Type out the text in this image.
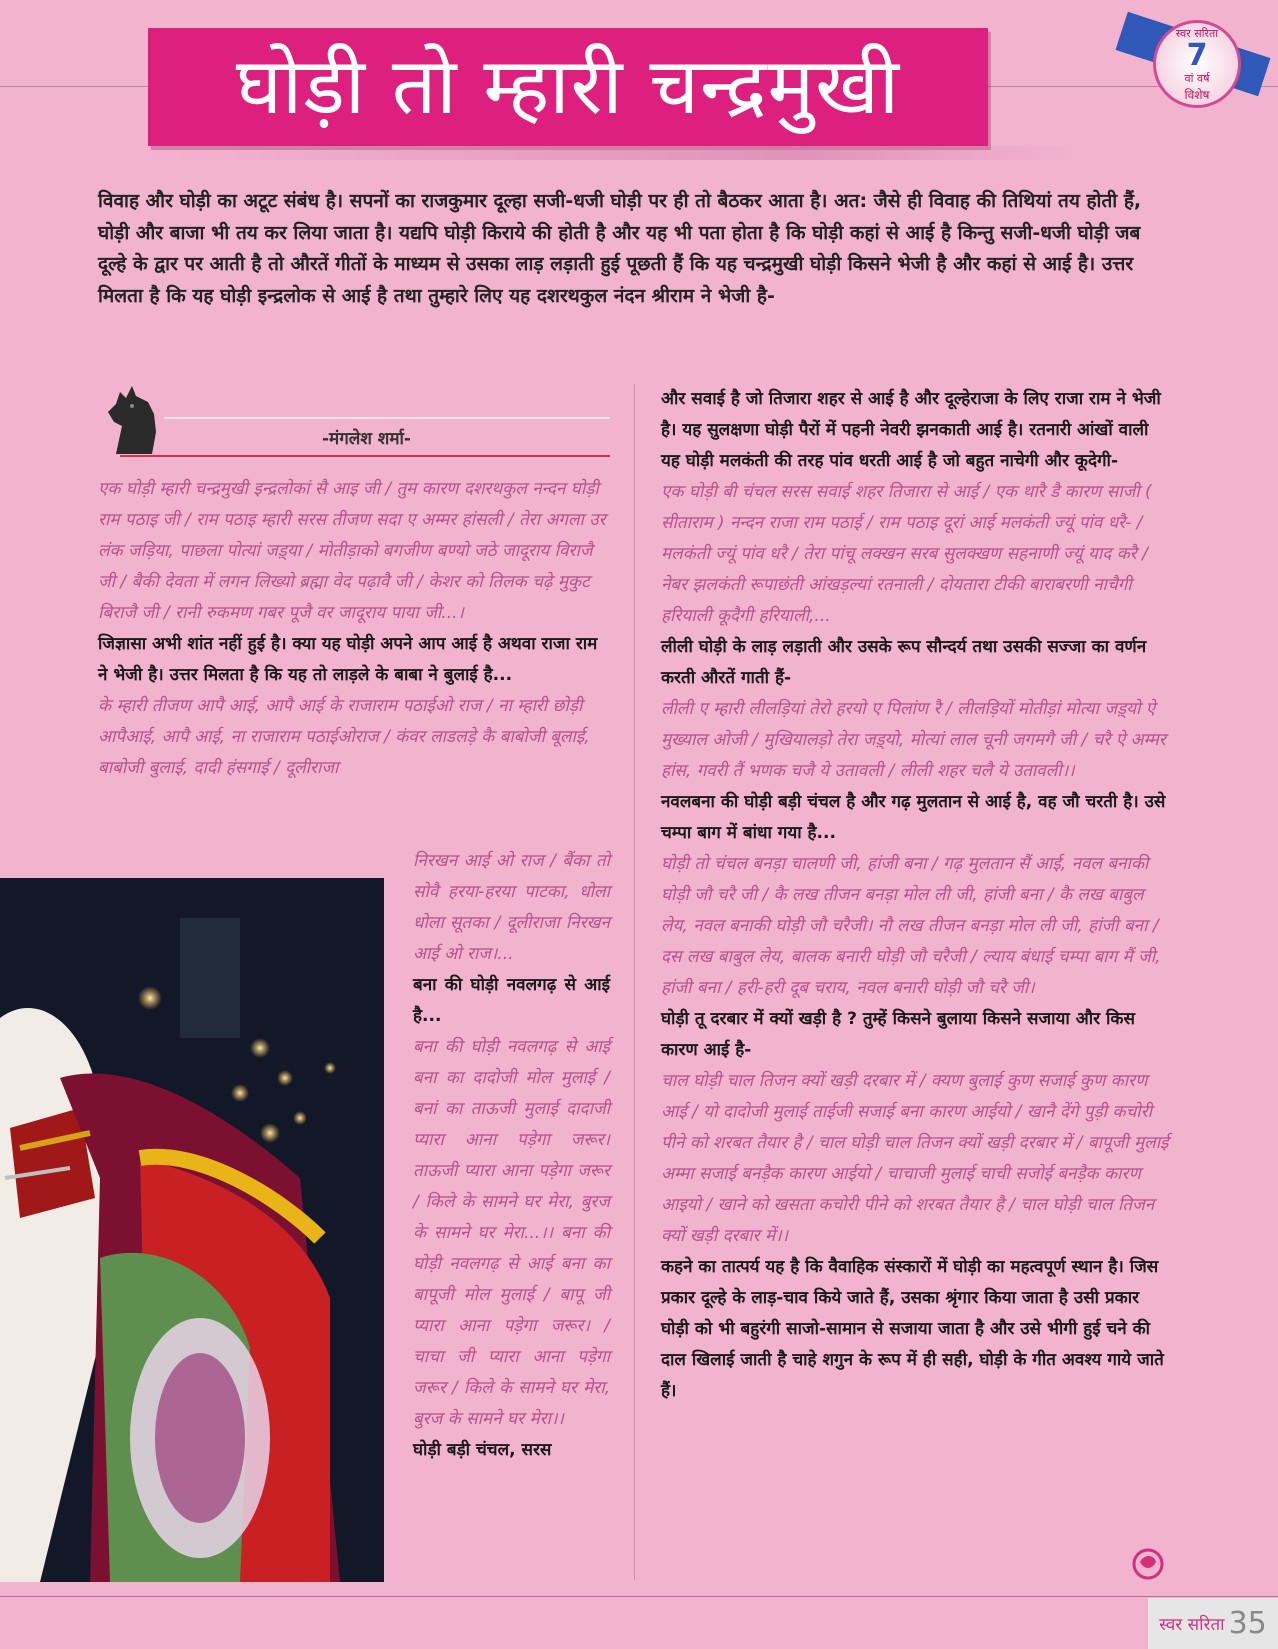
घोड़ी तो म्हारी चन्द्रमुखी
स्वर सरिता
7
वां वर्ष
विशेष

विवाह और घोड़ी का अटूट संबंध है। सपनों का राजकुमार दूल्हा सजी-धजी घोड़ी पर ही तो बैठकर आता है। अत: जैसे ही विवाह की तिथियां तय होती हैं, घोड़ी और बाजा भी तय कर लिया जाता है। यद्यपि घोड़ी किराये की होती है और यह भी पता होता है कि घोड़ी कहां से आई है किन्तु सजी-धजी घोड़ी जब दूल्हे के द्वार पर आती है तो औरतें गीतों के माध्यम से उसका लाड़ लड़ाती हुई पूछती हैं कि यह चन्द्रमुखी घोड़ी किसने भेजी है और कहां से आई है। उत्तर मिलता है कि यह घोड़ी इन्द्रलोक से आई है तथा तुम्हारे लिए यह दशरथकुल नंदन श्रीराम ने भेजी है-

-मंगलेश शर्मा-

एक घोड़ी म्हारी चन्द्रमुखी इन्द्रलोकां सै आइ जी / तुम कारण दशरथकुल नन्दन घोड़ी राम पठाइ जी / राम पठाइ म्हारी सरस तीजण सदा ए अम्मर हांसली / तेरा अगला उर लंक जड़िया, पाछला पोत्यां जड़्या / मोतीड़ाको बगजीण बण्यो जठे जादूराय विराजै जी / बैकी देवता में लगन लिख्यो ब्रह्मा वेद पढ़ावै जी / केशर को तिलक चढ़े मुकुट बिराजै जी / रानी रुकमण गबर पूजै वर जादूराय पाया जी...।

जिज्ञासा अभी शांत नहीं हुई है। क्या यह घोड़ी अपने आप आई है अथवा राजा राम ने भेजी है। उत्तर मिलता है कि यह तो लाड़ले के बाबा ने बुलाई है...

के म्हारी तीजण आपै आई, आपै आई के राजाराम पठाईओ राज / ना म्हारी छोड़ी आपैआई, आपै आई, ना राजाराम पठाईओराज / कंवर लाडलड़े कै बाबोजी बूलाई, बाबोजी बुलाई, दादी हंसगाई / दूलीराजा

निरखन आई ओ राज / बैंका तो सोवै हरया-हरया पाटका, धोला धोला सूतका / दूलीराजा निरखन आई ओ राज।...

बना की घोड़ी नवलगढ़ से आई है...

बना की घोड़ी नवलगढ़ से आई बना का दादोजी मोल मुलाई / बनां का ताऊजी मुलाई दादाजी प्यारा आना पड़ेगा जरूर। ताऊजी प्यारा आना पड़ेगा जरूर / किले के सामने घर मेरा, बुरज के सामने घर मेरा...।। बना की घोड़ी नवलगढ़ से आई बना का बापूजी मोल मुलाई / बापू जी प्यारा आना पड़ेगा जरूर। / चाचा जी प्यारा आना पड़ेगा जरूर / किले के सामने घर मेरा, बुरज के सामने घर मेरा।।

घोड़ी बड़ी चंचल, सरस

और सवाई है जो तिजारा शहर से आई है और दूल्हेराजा के लिए राजा राम ने भेजी है। यह सुलक्षणा घोड़ी पैरों में पहनी नेवरी झनकाती आई है। रतनारी आंखों वाली यह घोड़ी मलकंती की तरह पांव धरती आई है जो बहुत नाचेगी और कूदेगी-

एक घोड़ी बी चंचल सरस सवाई शहर तिजारा से आई / एक थारै डै कारण साजी ( सीताराम ) नन्दन राजा राम पठाई / राम पठाइ दूरां आई मलकंती ज्यूं पांव धरै- / मलकंती ज्यूं पांव धरै / तेरा पांचू लक्खन सरब सुलक्खण सहनाणी ज्यूं याद करै / नेबर झलकंती रूपाछंती आंखड़ल्यां रतनाली / दोयतारा टीकी बाराबरणी नाचैगी हरियाली कूदैगी हरियाली,...

लीली घोड़ी के लाड़ लड़ाती और उसके रूप सौन्दर्य तथा उसकी सज्जा का वर्णन करती औरतें गाती हैं-

लीली ए म्हारी लीलड़ियां तेरो हरयो ए पिलांण रै / लीलड़ियों मोतीड़ां मोत्या जड़्यो ऐ मुख्याल ओजी / मुखियालड़ो तेरा जड़्यो, मोत्यां लाल चूनी जगमगै जी / चरै ऐ अम्मर हांस, गवरी तैं भणक चजै ये उतावली / लीली शहर चलै ये उतावली।।

नवलबना की घोड़ी बड़ी चंचल है और गढ़ मुलतान से आई है, वह जौ चरती है। उसे चम्पा बाग में बांधा गया है...

घोड़ी तो चंचल बनड़ा चालणी जी, हांजी बना / गढ़ मुलतान सैं आई, नवल बनाकी घोड़ी जौ चरै जी / कै लख तीजन बनड़ा मोल ली जी, हांजी बना / कै लख बाबुल लेय, नवल बनाकी घोड़ी जौ चरैजी। नौ लख तीजन बनड़ा मोल ली जी, हांजी बना / दस लख बाबुल लेय, बालक बनारी घोड़ी जौ चरैजी / ल्याय बंधाई चम्पा बाग मैं जी, हांजी बना / हरी-हरी दूब चराय, नवल बनारी घोड़ी जौ चरै जी।

घोड़ी तू दरबार में क्यों खड़ी है ? तुम्हें किसने बुलाया किसने सजाया और किस कारण आई है-

चाल घोड़ी चाल तिजन क्यों खड़ी दरबार में / क्यण बुलाई कुण सजाई कुण कारण आई / यो दादोजी मुलाई ताईजी सजाई बना कारण आईयो / खानै देंगे पुड़ी कचोरी पीने को शरबत तैयार है / चाल घोड़ी चाल तिजन क्यों खड़ी दरबार में / बापूजी मुलाई अम्मा सजाई बनड़ैक कारण आईयो / चाचाजी मुलाई चाची सजोई बनड़ैक कारण आइयो / खाने को खसता कचोरी पीने को शरबत तैयार है / चाल घोड़ी चाल तिजन क्यों खड़ी दरबार में।।

कहने का तात्पर्य यह है कि वैवाहिक संस्कारों में घोड़ी का महत्वपूर्ण स्थान है। जिस प्रकार दूल्हे के लाड़-चाव किये जाते हैं, उसका श्रृंगार किया जाता है उसी प्रकार घोड़ी को भी बहुरंगी साजो-सामान से सजाया जाता है और उसे भीगी हुई चने की दाल खिलाई जाती है चाहे शगुन के रूप में ही सही, घोड़ी के गीत अवश्य गाये जाते हैं।

स्वर सरिता 35
